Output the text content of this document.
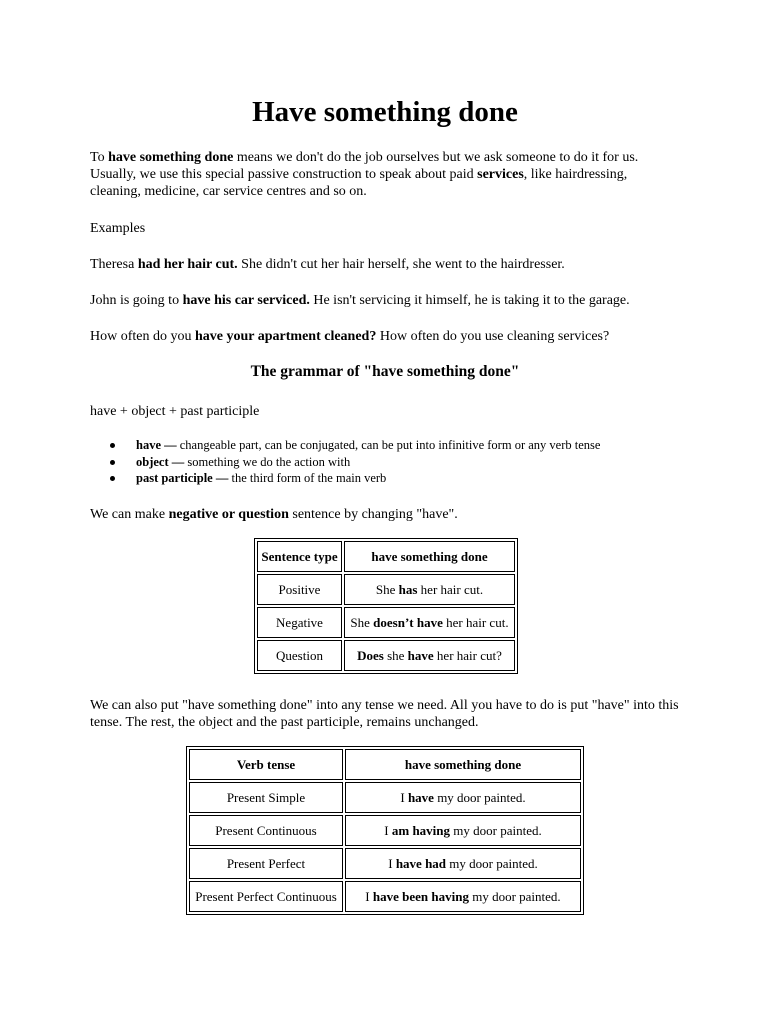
Have something done

To have something done means we don't do the job ourselves but we ask someone to do it for us. Usually, we use this special passive construction to speak about paid services, like hairdressing, cleaning, medicine, car service centres and so on.

Examples

Theresa had her hair cut. She didn't cut her hair herself, she went to the hairdresser.

John is going to have his car serviced. He isn't servicing it himself, he is taking it to the garage.

How often do you have your apartment cleaned? How often do you use cleaning services?

The grammar of "have something done"

have + object + past participle

have — changeable part, can be conjugated, can be put into infinitive form or any verb tense
object — something we do the action with
past participle — the third form of the main verb

We can make negative or question sentence by changing "have".

Sentence type	have something done
Positive	She has her hair cut.
Negative	She doesn’t have her hair cut.
Question	Does she have her hair cut?

We can also put "have something done" into any tense we need. All you have to do is put "have" into this tense. The rest, the object and the past participle, remains unchanged.

Verb tense	have something done
Present Simple	I have my door painted.
Present Continuous	I am having my door painted.
Present Perfect	I have had my door painted.
Present Perfect Continuous	I have been having my door painted.
